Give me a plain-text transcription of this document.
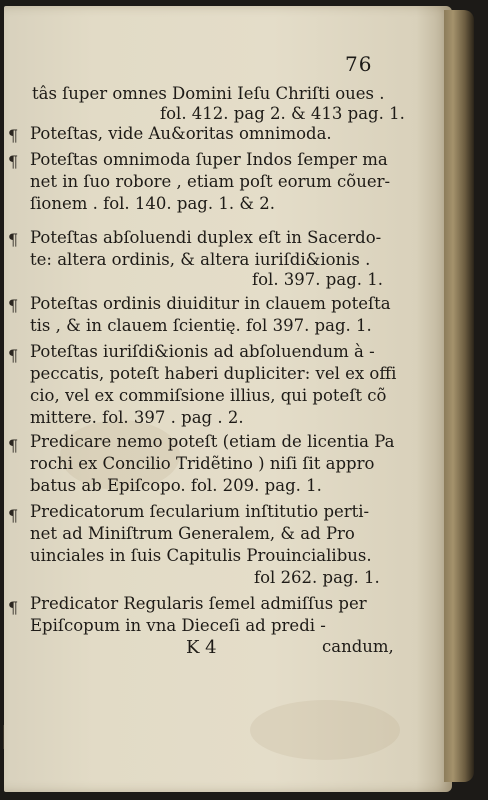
76
tâs ſuper omnes Domini Ieſu Chriſti oues .
fol. 412. pag 2. & 413 pag. 1.
¶ Poteſtas, vide Au&oritas omnimoda.
¶ Poteſtas omnimoda ſuper Indos ſemper ma
net in ſuo robore , etiam poſt eorum cõuer-
ſionem . fol. 140. pag. 1. & 2.
¶ Poteſtas abſoluendi duplex eſt in Sacerdo-
te: altera ordinis, & altera iuriſdi&ionis .
fol. 397. pag. 1.
¶ Poteſtas ordinis diuiditur in clauem poteſta
tis , & in clauem ſcientię. fol 397. pag. 1.
¶ Poteſtas iuriſdi&ionis ad abſoluendum à -
peccatis, poteſt haberi dupliciter: vel ex offi
cio, vel ex commiſsione illius, qui poteſt cõ
mittere. fol. 397 . pag . 2.
¶ Predicare nemo poteſt (etiam de licentia Pa
rochi ex Concilio Tridẽtino ) niſi ſit appro
batus ab Epiſcopo. fol. 209. pag. 1.
¶ Predicatorum ſecularium inſtitutio perti-
net ad Miniſtrum Generalem, & ad Pro
uinciales in ſuis Capitulis Prouincialibus.
fol 262. pag. 1.
¶ Predicator Regularis ſemel admiſſus per
Epiſcopum in vna Dieceſi ad predi -
K 4	candum,
